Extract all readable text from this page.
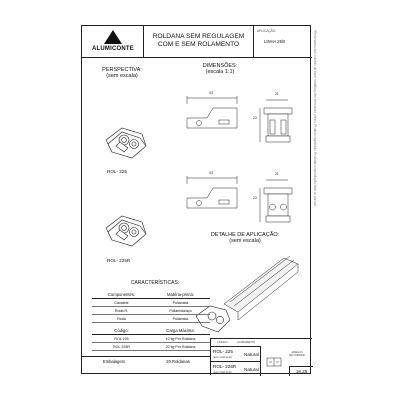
ALUMICONTE
ROLDANA SEM REGULAGEM
COM E SEM ROLAMENTO
APLICAÇÃO:
LINHA 25/II
PERSPECTIVA:
(sem escala)
DIMENSÕES:
(escala 1:1)
ROL- 225
ROL- 225R
43	21
23
43	21
23
DETALHE DE APLICAÇÃO:
(sem escala)
CARACTERÍSTICAS:
Componentes:	Matéria-prima:
Cavalete	Poliamida
Roda R.	Poliamida/aço
Roda	Poliamida
Código:	Carga Máxima:
ROL 225	10 kg Por Roldana
ROL 225R	20 kg Por Roldana
Embalagem	20 Roldanas
CÓDIGO	ACABAMENTO
ROL- 225
(sem rolamento)
Natural
ROL- 225R
(com rolamento)
Natural
JANELAS
DE CORRER
18.28
*Reservamo-nos o direito de fazer modificações sem aviso prévio. Produto registrado. Proibida a reprodução total ou parcial.
